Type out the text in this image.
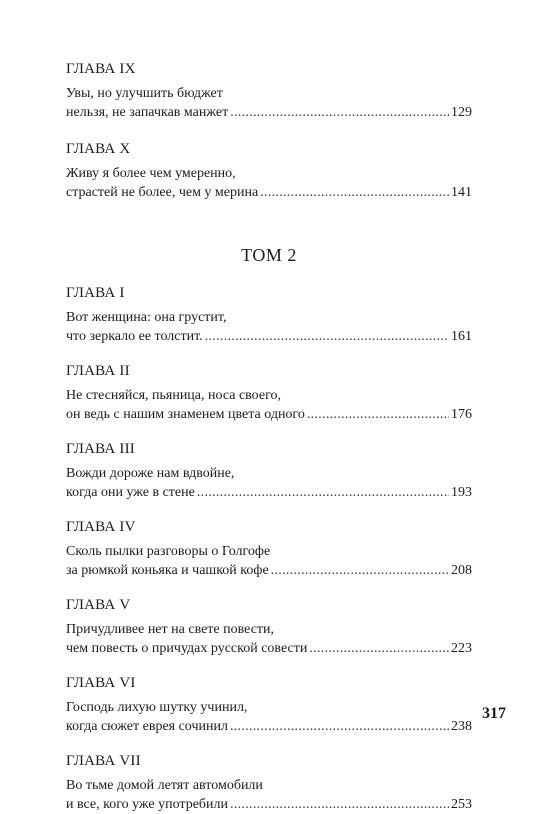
ГЛАВА IX
Увы, но улучшить бюджет
нельзя, не запачкав манжет . . .	129
ГЛАВА X
Живу я более чем умеренно,
страстей не более, чем у мерина . . .	141
ТОМ 2
ГЛАВА I
Вот женщина: она грустит,
что зеркало ее толстит. . . .	161
ГЛАВА II
Не стесняйся, пьяница, носа своего,
он ведь с нашим знаменем цвета одного . . .	176
ГЛАВА III
Вожди дороже нам вдвойне,
когда они уже в стене . . .	193
ГЛАВА IV
Сколь пылки разговоры о Голгофе
за рюмкой коньяка и чашкой кофе . . .	208
ГЛАВА V
Причудливее нет на свете повести,
чем повесть о причудах русской совести . . .	223
ГЛАВА VI
Господь лихую шутку учинил,
когда сюжет еврея сочинил . . .	238
ГЛАВА VII
Во тьме домой летят автомобили
и все, кого уже употребили . . .	253
317
